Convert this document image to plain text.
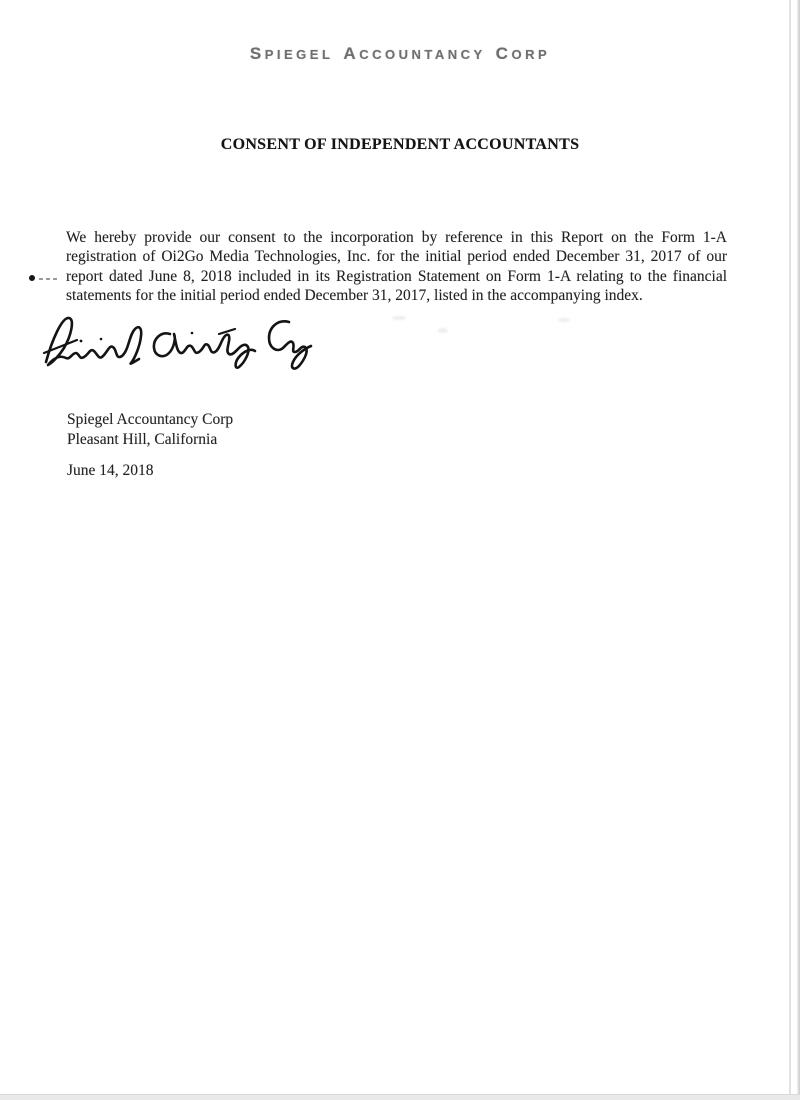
SPIEGEL ACCOUNTANCY CORP
CONSENT OF INDEPENDENT ACCOUNTANTS

We hereby provide our consent to the incorporation by reference in this Report on the Form 1-A registration of Oi2Go Media Technologies, Inc. for the initial period ended December 31, 2017 of our report dated June 8, 2018 included in its Registration Statement on Form 1-A relating to the financial statements for the initial period ended December 31, 2017, listed in the accompanying index.

Spiegel Accountancy Corp
Pleasant Hill, California
June 14, 2018
